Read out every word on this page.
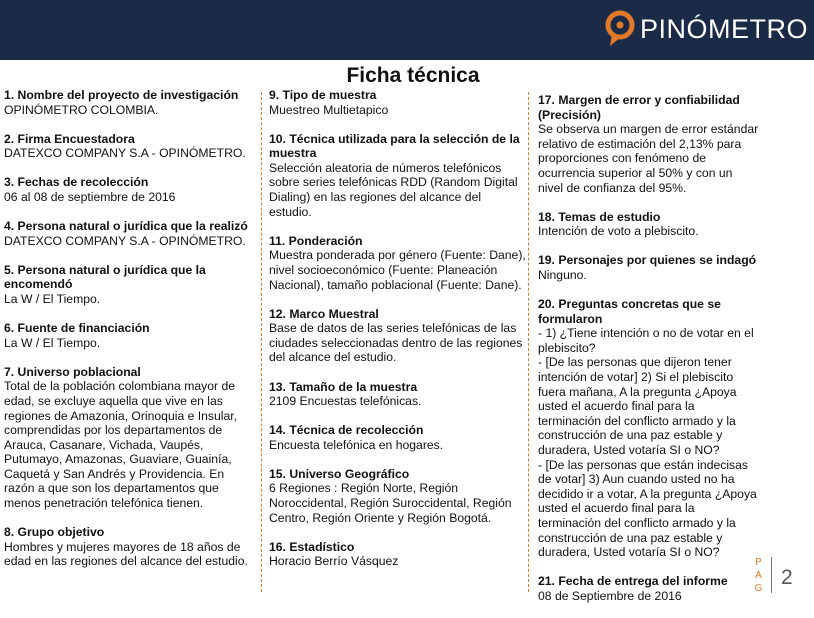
PINÓMETRO
Ficha técnica
1. Nombre del proyecto de investigación
OPINÓMETRO COLOMBIA.
2. Firma Encuestadora
DATEXCO COMPANY S.A - OPINÓMETRO.
3. Fechas de recolección
06 al 08 de septiembre de 2016
4. Persona natural o jurídica que la realizó
DATEXCO COMPANY S.A - OPINÓMETRO.
5. Persona natural o jurídica que la encomendó
La W / El Tiempo.
6. Fuente de financiación
La W / El Tiempo.
7. Universo poblacional
Total de la población colombiana mayor de edad, se excluye aquella que vive en las regiones de Amazonia, Orinoquia e Insular, comprendidas por los departamentos de Arauca, Casanare, Vichada, Vaupés, Putumayo, Amazonas, Guaviare, Guainía, Caquetá y San Andrés y Providencia. En razón a que son los departamentos que menos penetración telefónica tienen.
8. Grupo objetivo
Hombres y mujeres mayores de 18 años de edad en las regiones del alcance del estudio.
9. Tipo de muestra
Muestreo Multietapico
10. Técnica utilizada para la selección de la muestra
Selección aleatoria de números telefónicos sobre series telefónicas RDD (Random Digital Dialing) en las regiones del alcance del estudio.
11. Ponderación
Muestra ponderada por género (Fuente: Dane), nivel socioeconómico (Fuente: Planeación Nacional), tamaño poblacional (Fuente: Dane).
12. Marco Muestral
Base de datos de las series telefónicas de las ciudades seleccionadas dentro de las regiones del alcance del estudio.
13. Tamaño de la muestra
2109 Encuestas telefónicas.
14. Técnica de recolección
Encuesta telefónica en hogares.
15. Universo Geográfico
6 Regiones : Región Norte, Región Noroccidental, Región Suroccidental, Región Centro, Región Oriente y Región Bogotá.
16. Estadístico
Horacio Berrío Vásquez
17. Margen de error y confiabilidad (Precisión)
Se observa un margen de error estándar relativo de estimación del 2,13% para proporciones con fenómeno de ocurrencia superior al 50% y con un nivel de confianza del 95%.
18. Temas de estudio
Intención de voto a plebiscito.
19. Personajes por quienes se indagó
Ninguno.
20. Preguntas concretas que se formularon
- 1) ¿Tiene intención o no de votar en el plebiscito?
- [De las personas que dijeron tener intención de votar] 2) Si el plebiscito fuera mañana, A la pregunta ¿Apoya usted el acuerdo final para la terminación del conflicto armado y la construcción de una paz estable y duradera, Usted votaría SI o NO?
- [De las personas que están indecisas de votar] 3) Aun cuando usted no ha decidido ir a votar, A la pregunta ¿Apoya usted el acuerdo final para la terminación del conflicto armado y la construcción de una paz estable y duradera, Usted votaría SI o NO?
21. Fecha de entrega del informe
08 de Septiembre de 2016
P
A
G 2
